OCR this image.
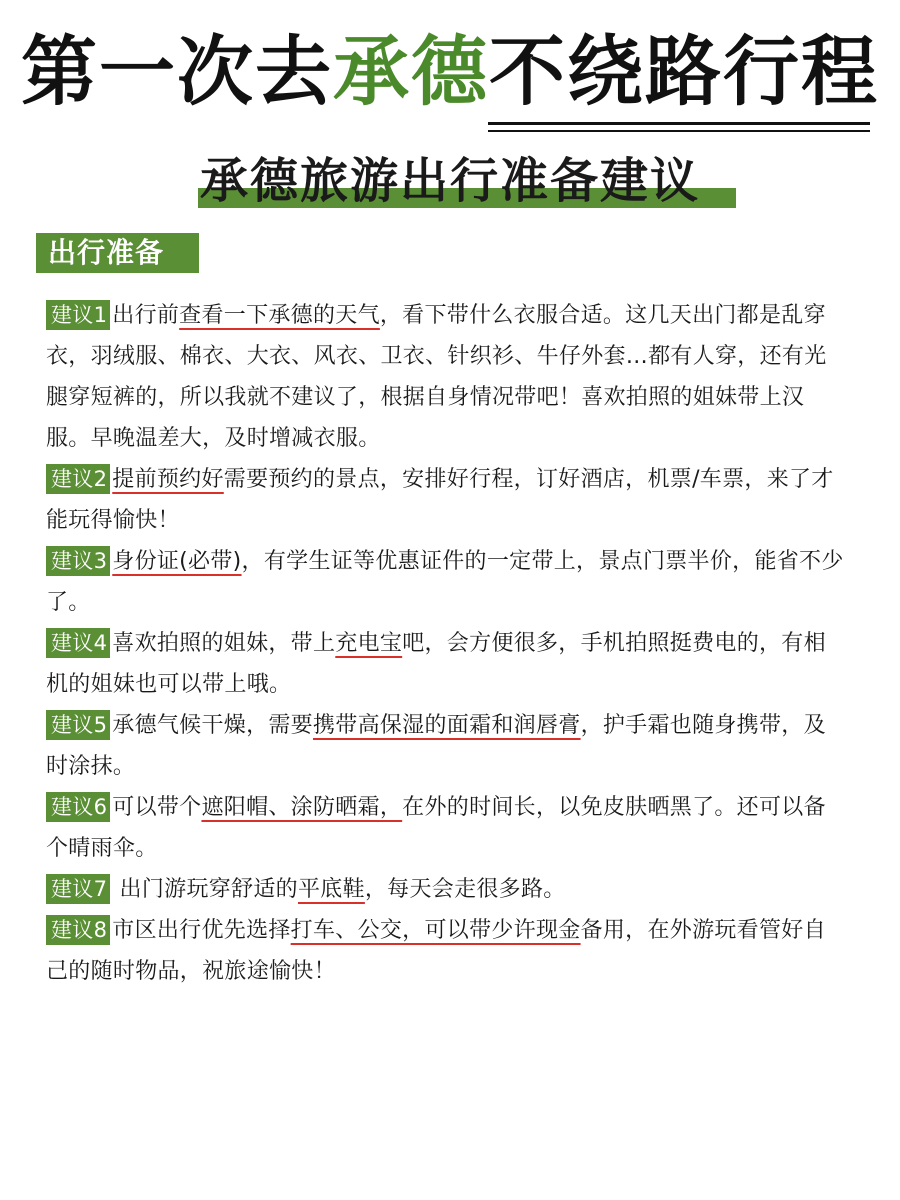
第一次去承德不绕路行程
承德旅游出行准备建议
出行准备
建议1 出行前查看一下承德的天气，看下带什么衣服合适。这几天出门都是乱穿衣，羽绒服、棉衣、大衣、风衣、卫衣、针织衫、牛仔外套…都有人穿，还有光腿穿短裤的，所以我就不建议了，根据自身情况带吧！喜欢拍照的姐妹带上汉服。早晚温差大，及时增减衣服。
建议2 提前预约好需要预约的景点，安排好行程，订好酒店，机票/车票，来了才能玩得愉快！
建议3 身份证(必带)，有学生证等优惠证件的一定带上，景点门票半价，能省不少了。
建议4 喜欢拍照的姐妹，带上充电宝吧，会方便很多，手机拍照挺费电的，有相机的姐妹也可以带上哦。
建议5 承德气候干燥，需要携带高保湿的面霜和润唇膏，护手霜也随身携带，及时涂抹。
建议6 可以带个遮阳帽、涂防晒霜，在外的时间长，以免皮肤晒黑了。还可以备个晴雨伞。
建议7 出门游玩穿舒适的平底鞋，每天会走很多路。
建议8 市区出行优先选择打车、公交，可以带少许现金备用，在外游玩看管好自己的随时物品，祝旅途愉快！
